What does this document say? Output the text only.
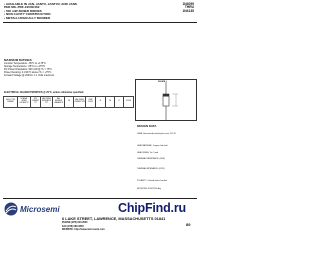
• AVAILABLE IN JAN, JANTX, JANTXV, AND JANS
PER MIL-PRF-19500/462
• 500 mW ZENER DIODES
• NON CAVITY CONSTRUCTION
• METALLURGICALLY BONDED
1N4099
THRU
1N4135
MAXIMUM RATINGS
Junction Temperature: -65°C to +175°C
Storage Temperature: -65°C to +175°C
DC Power Dissipation: 500 mW @ TL = 75°C
Power Derating: 4 mW/°C above TL = +75°C
Forward Voltage @ 200mA: 1.1 Volts maximum
FIGURE 1
ELECTRICAL CHARACTERISTICS @ 25°C, unless otherwise specified
JEDEC TYPE NUMBER	NOMINAL ZENER VOLTAGE VZ	TEST CURRENT IZT	MAX ZENER IMPEDANCE ZZT	MAX REVERSE LEAKAGE IR	VR	MAX ZENER CURRENT IZM	TEMP COEFF	IR	VR	IZ	NOISE
DESIGN DATA
CASE: Hermetically sealed glass case, DO-35
LEAD MATERIAL: Copper clad steel
LEAD FINISH: Tin / Lead
THERMAL RESISTANCE: (RθJL)
THERMAL IMPEDANCE: (ZθJX)
POLARITY: Cathode end is banded
MOUNTING POSITION: Any
Microsemi
6 LAKE STREET, LAWRENCE, MASSACHUSETTS 01841
PHONE (978) 620-2600
FAX (978) 689-0803
WEBSITE: http://www.microsemi.com
89
ChipFind.ru
